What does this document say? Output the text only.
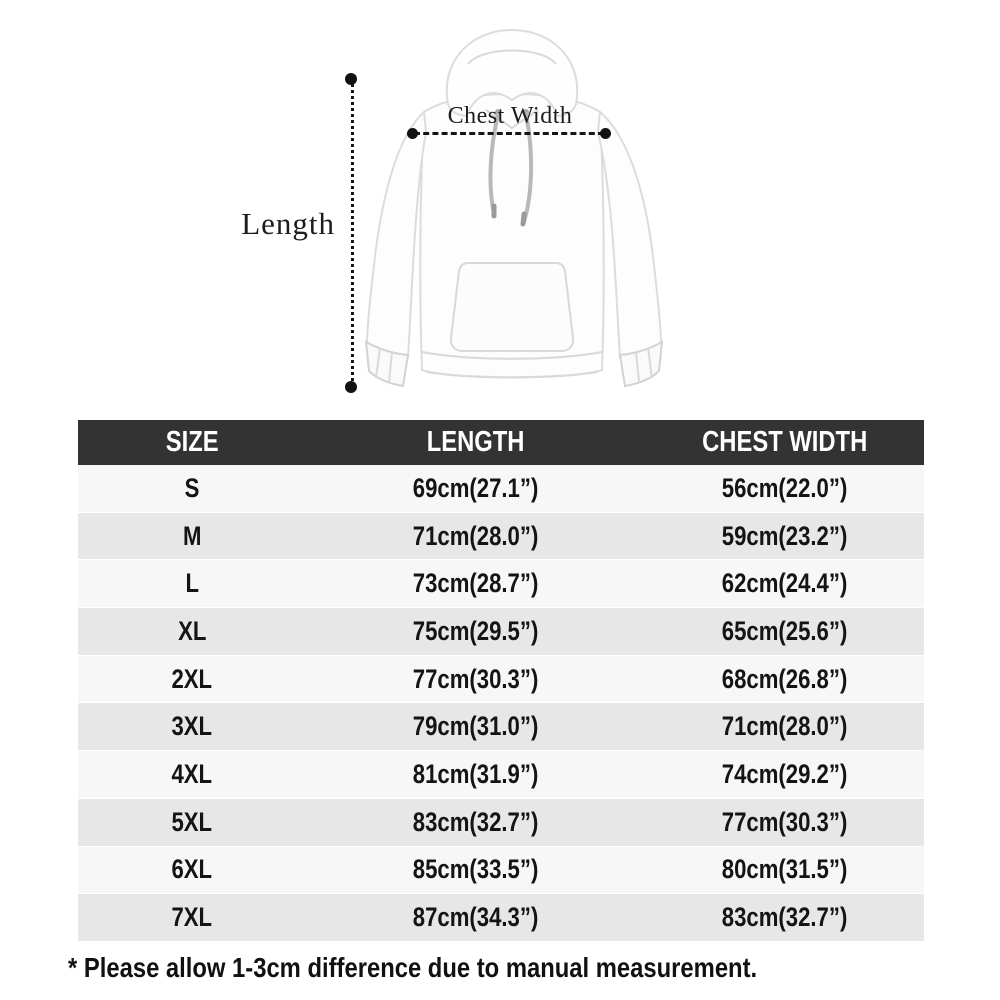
Length
Chest Width
SIZE	LENGTH	CHEST WIDTH
S	69cm(27.1”)	56cm(22.0”)
M	71cm(28.0”)	59cm(23.2”)
L	73cm(28.7”)	62cm(24.4”)
XL	75cm(29.5”)	65cm(25.6”)
2XL	77cm(30.3”)	68cm(26.8”)
3XL	79cm(31.0”)	71cm(28.0”)
4XL	81cm(31.9”)	74cm(29.2”)
5XL	83cm(32.7”)	77cm(30.3”)
6XL	85cm(33.5”)	80cm(31.5”)
7XL	87cm(34.3”)	83cm(32.7”)
* Please allow 1-3cm difference due to manual measurement.
